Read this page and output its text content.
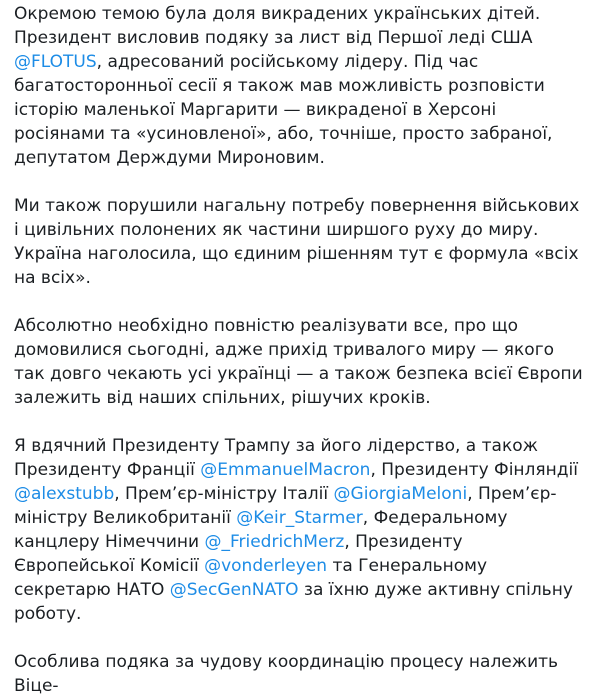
Окремою темою була доля викрадених українських дітей. Президент висловив подяку за лист від Першої леді США @FLOTUS, адресований російському лідеру. Під час багатосторонньої сесії я також мав можливість розповісти історію маленької Маргарити — викраденої в Херсоні росіянами та «усиновленої», або, точніше, просто забраної, депутатом Держдуми Мироновим.

Ми також порушили нагальну потребу повернення військових і цивільних полонених як частини ширшого руху до миру. Україна наголосила, що єдиним рішенням тут є формула «всіх на всіх».

Абсолютно необхідно повністю реалізувати все, про що домовилися сьогодні, адже прихід тривалого миру — якого так довго чекають усі українці — а також безпека всієї Європи залежить від наших спільних, рішучих кроків.

Я вдячний Президенту Трампу за його лідерство, а також Президенту Франції @EmmanuelMacron, Президенту Фінляндії @alexstubb, Прем’єр-міністру Італії @GiorgiaMeloni, Прем’єр-міністру Великобританії @Keir_Starmer, Федеральному канцлеру Німеччини @_FriedrichMerz, Президенту Європейської Комісії @vonderleyen та Генеральному секретарю НАТО @SecGenNATO за їхню дуже активну спільну роботу.

Особлива подяка за чудову координацію процесу належить Віце-
